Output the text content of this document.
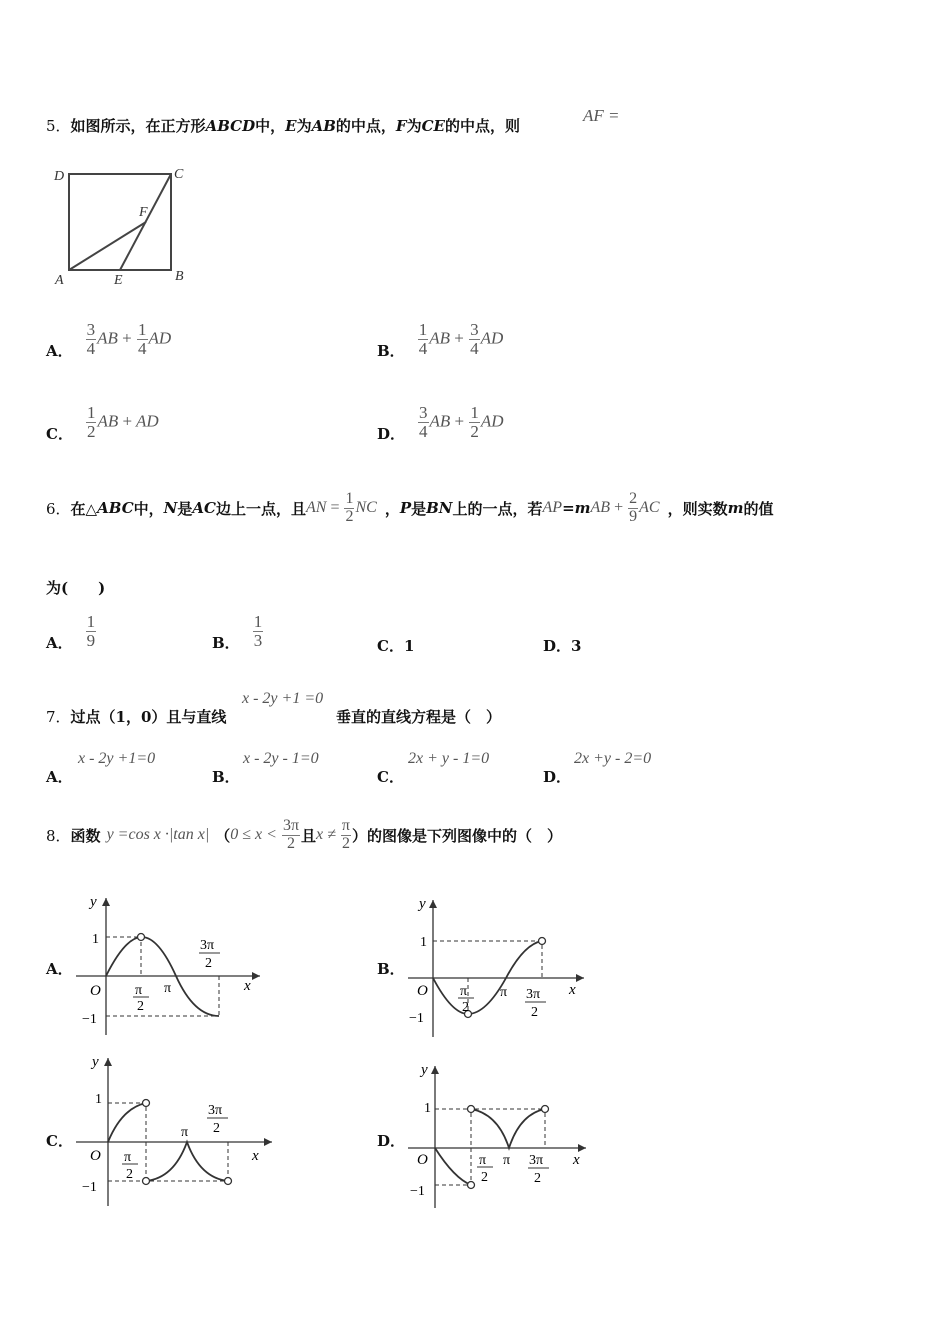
5．如图所示，在正方形ABCD中，E为AB的中点，F为CE的中点，则
AF =
D	C
F
A	E	B
A． $\frac{3}{4}$ AB + $\frac{1}{4}$ AD
B． $\frac{1}{4}$ AB + $\frac{3}{4}$ AD
C． $\frac{1}{2}$ AB + AD
D． $\frac{3}{4}$ AB + $\frac{1}{2}$ AD
6． 在△ ABC 中， N 是 AC 边上一点，且 AN = $\frac{1}{2}$ NC ， P 是 BN 上的一点，若 AP = m AB + $\frac{2}{9}$ AC ，则实数 m 的值
为(　　)
A． $\frac{1}{9}$	B． $\frac{1}{3}$	C．1	D．3
7．过点（1，0）且与直线
x - 2y +1 =0
垂直的直线方程是（　）
A．
x - 2y +1=0
B．
x - 2y - 1=0
C．
2x + y - 1=0
D．
2x +y - 2=0
8． 函数 y =cos x ·|tan x| （ $0 \le x < \frac{3\pi}{2}$ 且 $x \ne \frac{\pi}{2}$ ）的图像是下列图像中的（　）
A．	B．
C．	D．
y
x
O
1
−1
π
2
π
3π
2
y
x
O
1
−1
π
2
π 3π
2
y
x
O
1
−1
π
2
π
3π
2
y
x
O
1
−1
π
2
π 3π
2
